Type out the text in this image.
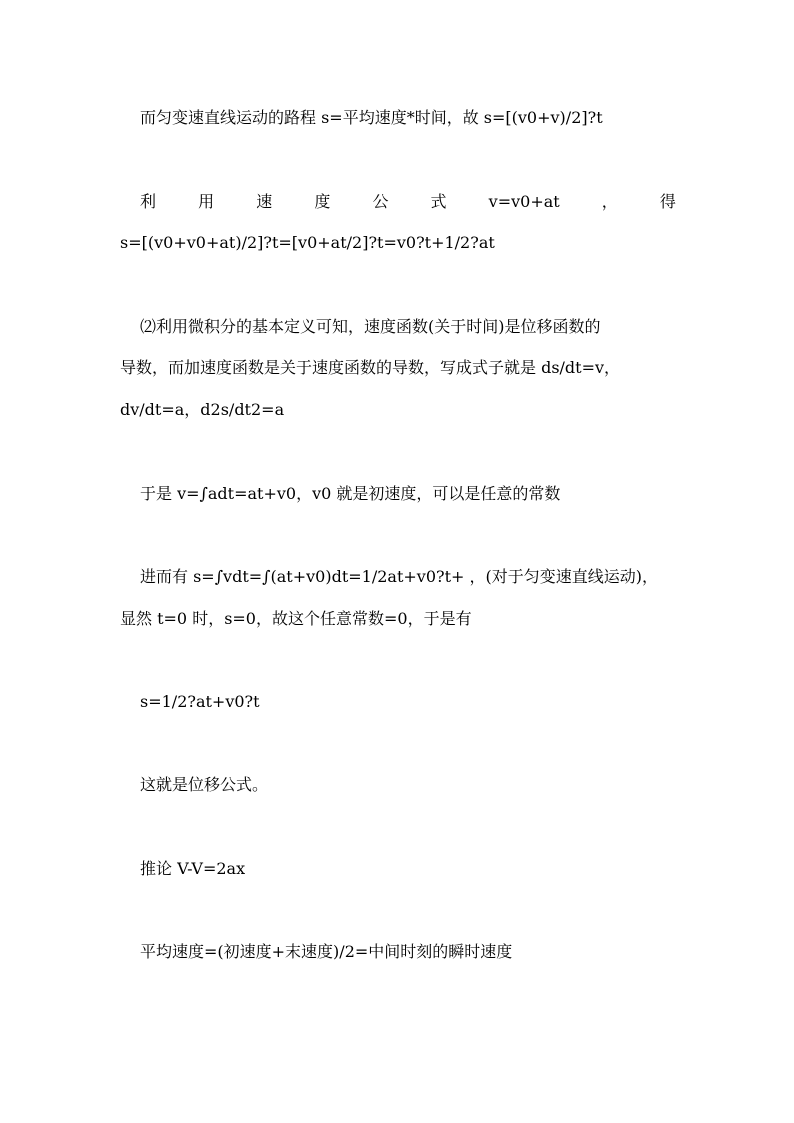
而匀变速直线运动的路程 s=平均速度*时间，故 s=[(v0+v)/2]?t
利	用	速	度	公	式	v=v0+at	，	得
s=[(v0+v0+at)/2]?t=[v0+at/2]?t=v0?t+1/2?at
⑵利用微积分的基本定义可知，速度函数(关于时间)是位移函数的
导数，而加速度函数是关于速度函数的导数，写成式子就是 ds/dt=v，
dv/dt=a，d2s/dt2=a
于是 v=∫adt=at+v0，v0 就是初速度，可以是任意的常数
进而有 s=∫vdt=∫(at+v0)dt=1/2at+v0?t+ ，(对于匀变速直线运动)，
显然 t=0 时，s=0，故这个任意常数=0，于是有
s=1/2?at+v0?t
这就是位移公式。
推论 V-V=2ax
平均速度=(初速度+末速度)/2=中间时刻的瞬时速度
